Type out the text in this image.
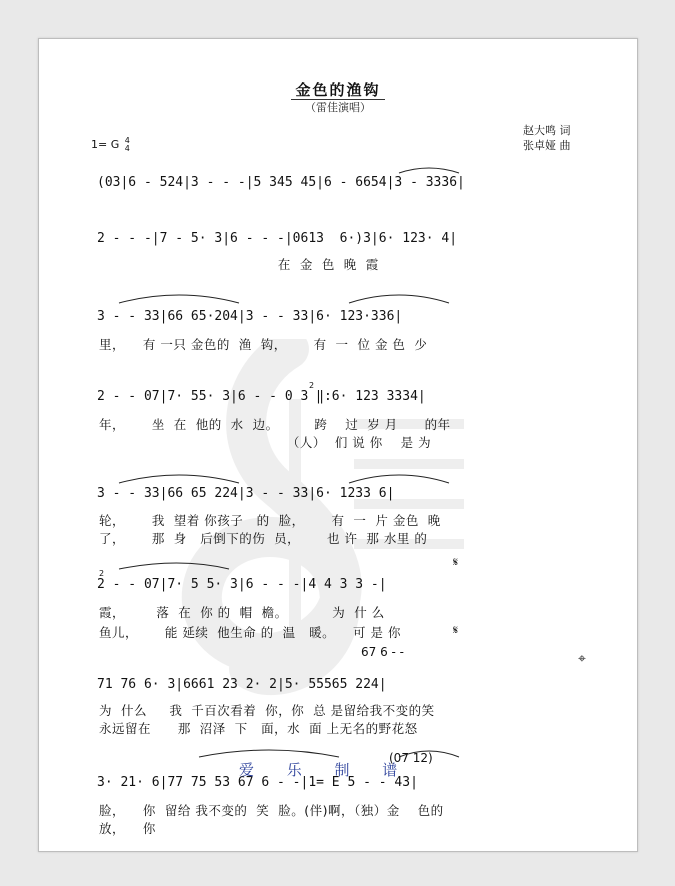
金色的渔钩
（雷佳演唱）
赵大鸣 词
张卓娅 曲
1= G 4
4
(03|6 - 524|3 - - -|5 345 45|6 - 6654|3 - 3336|
2 - - -|7 - 5· 3|6 - - -|0613  6·)3|6· 123· 4|
在  金  色  晚  霞
3 - - 33|66 65·204|3 - - 33|6· 123·336|
里，    有 一只 金色的  渔  钩，      有  一  位 金 色  少
2 - - 07|7· 55· 3|6 - - 0 3 ‖:6· 123 3334|
年，      坐  在  他的  水  边。        跨    过  岁 月      的年
（人）  们 说 你    是 为
3 - - 33|66 65 224|3 - - 33|6· 1233 6|
轮，      我  望着 你孩子   的  脸，      有  一  片 金色  晚
了，      那  身   后倒下的伤  员，      也 许  那 水里 的
2 - - 07|7· 5 5· 3|6 - - -|4 4 3 3 -|
霞，       落  在  你 的  帽  檐。          为  什 么
鱼儿，      能 延续  他生命 的  温   暖。    可 是 你
67 6 - -
71 76 6· 3|6661 23 2· 2|5· 55565 224|
为  什么     我  千百次看着  你，你  总 是留给我不变的笑
永远留在      那  沼泽  下   面，水  面 上无名的野花怒
(07 12)
3· 21· 6|77 75 53 67 6 - -|1= E 5 - - 43|
脸，    你  留给 我不变的  笑  脸。(伴)啊，（独）金    色的
放，    你
爱 乐 制 谱
𝄋
𝄋
⌖
2
2
